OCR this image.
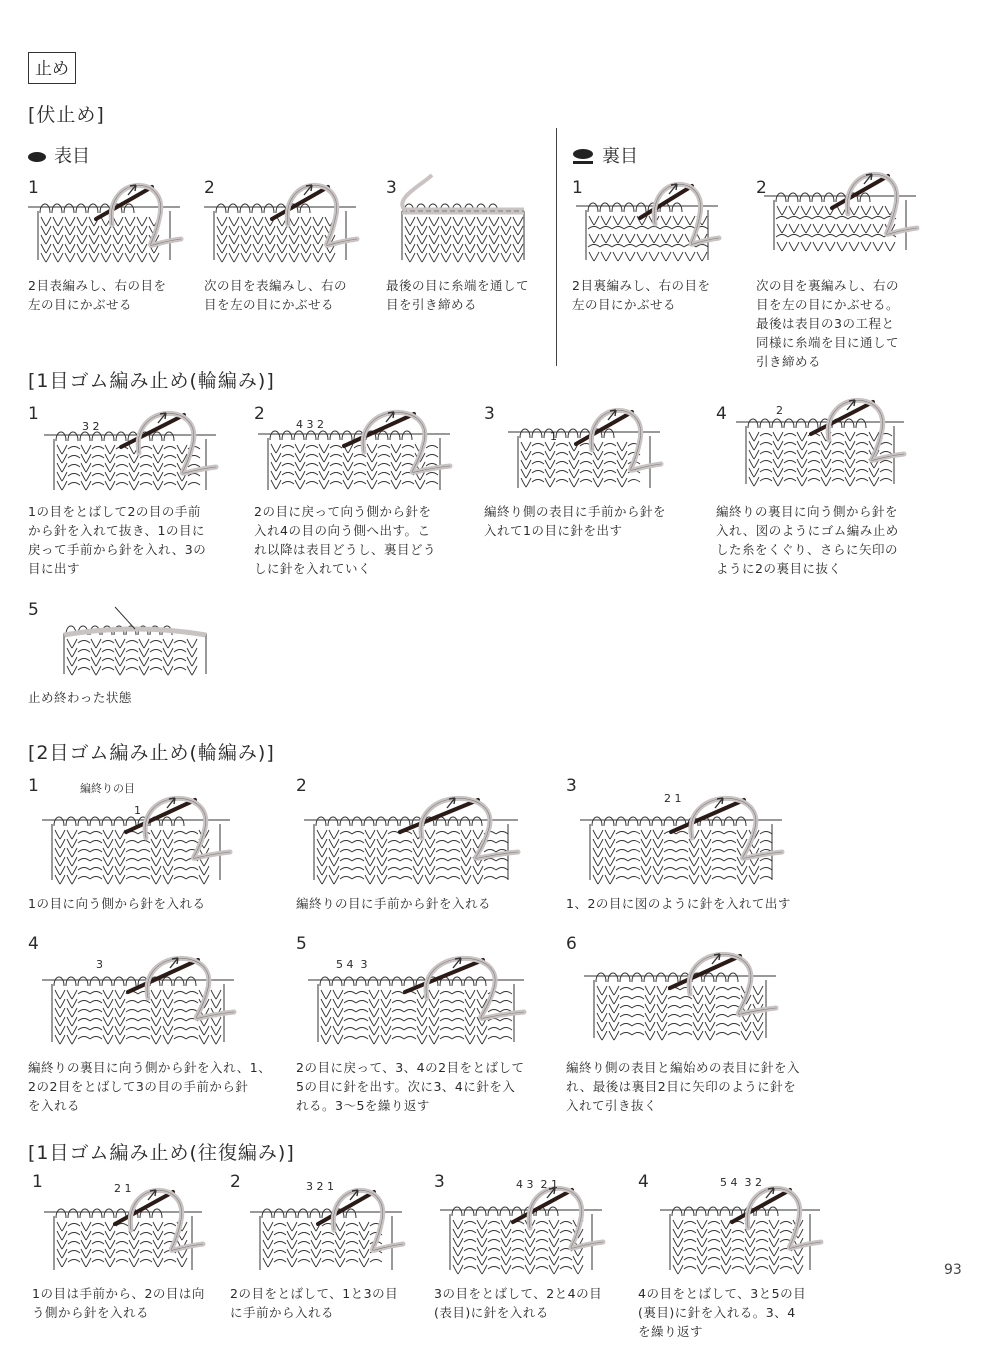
止め
[伏止め]
表目	裏目
1	2	3
2目表編みし、右の目を
左の目にかぶせる
次の目を表編みし、右の
目を左の目にかぶせる
最後の目に糸端を通して
目を引き締める
1	2
2目裏編みし、右の目を
左の目にかぶせる
次の目を裏編みし、右の
目を左の目にかぶせる。
最後は表目の3の工程と
同様に糸端を目に通して
引き締める
[1目ゴム編み止め(輪編み)]
1	2	3	4
3 2	4 3 2
1
2
1の目をとばして2の目の手前
から針を入れて抜き、1の目に
戻って手前から針を入れ、3の
目に出す
2の目に戻って向う側から針を
入れ4の目の向う側へ出す。こ
れ以降は表目どうし、裏目どう
しに針を入れていく
編終り側の表目に手前から針を
入れて1の目に針を出す
編終りの裏目に向う側から針を
入れ、図のようにゴム編み止め
した糸をくぐり、さらに矢印の
ように2の裏目に抜く
5
止め終わった状態
[2目ゴム編み止め(輪編み)]
1	2	3
編終りの目
1
2 1
1の目に向う側から針を入れる	編終りの目に手前から針を入れる	1、2の目に図のように針を入れて出す
4	5	6
3	5 4  3
編終りの裏目に向う側から針を入れ、1、
2の2目をとばして3の目の手前から針
を入れる
2の目に戻って、3、4の2目をとばして
5の目に針を出す。次に3、4に針を入
れる。3〜5を繰り返す
編終り側の表目と編始めの表目に針を入
れ、最後は裏目2目に矢印のように針を
入れて引き抜く
[1目ゴム編み止め(往復編み)]
1	2	3	4
2 1	3 2 1	4 3  2 1	5 4  3 2
1の目は手前から、2の目は向
う側から針を入れる
2の目をとばして、1と3の目
に手前から入れる
3の目をとばして、2と4の目
(表目)に針を入れる
4の目をとばして、3と5の目
(裏目)に針を入れる。3、4
を繰り返す
93
